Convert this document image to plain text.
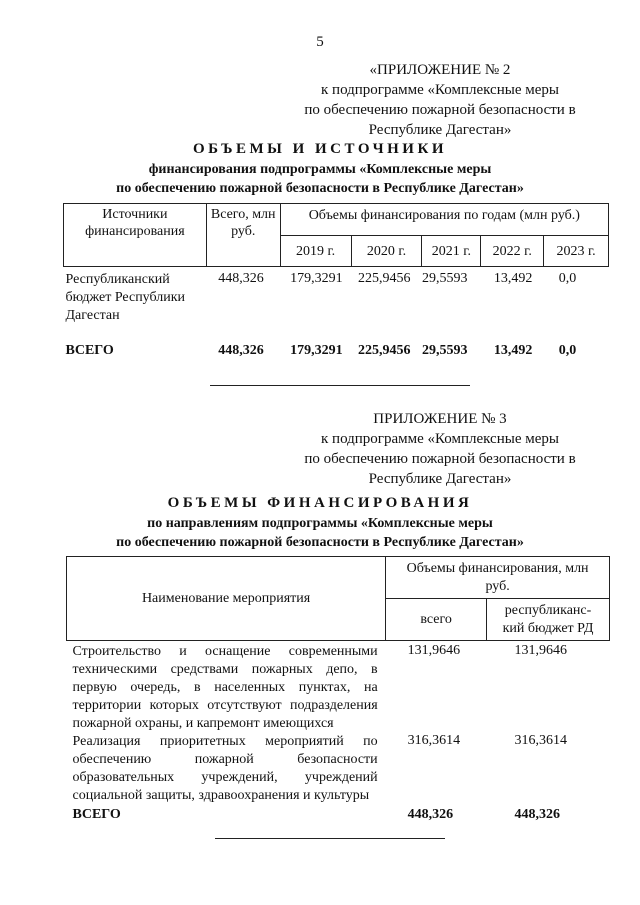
5
«ПРИЛОЖЕНИЕ № 2
к подпрограмме «Комплексные меры
по обеспечению пожарной безопасности в
Республике Дагестан»
ОБЪЕМЫ И ИСТОЧНИКИ
финансирования подпрограммы «Комплексные меры
по обеспечению пожарной безопасности в Республике Дагестан»
Источники финансирования	Всего, млн руб.	Объемы финансирования по годам (млн руб.)				
		2019 г.	2020 г.	2021 г.	2022 г.	2023 г.
Республиканский бюджет Республики Дагестан	448,326	179,3291	225,9456	29,5593	13,492	0,0
ВСЕГО	448,326	179,3291	225,9456	29,5593	13,492	0,0
ПРИЛОЖЕНИЕ № 3
к подпрограмме «Комплексные меры
по обеспечению пожарной безопасности в
Республике Дагестан»
ОБЪЕМЫ ФИНАНСИРОВАНИЯ
по направлениям подпрограммы «Комплексные меры
по обеспечению пожарной безопасности в Республике Дагестан»
Наименование мероприятия	Объемы финансирования, млн руб.	
	всего	республиканс-кий бюджет РД
Строительство и оснащение современными техническими средствами пожарных депо, в первую очередь, в населенных пунктах, на территории которых отсутствуют подразделения пожарной охраны, и капремонт имеющихся	131,9646	131,9646
Реализация приоритетных мероприятий по обеспечению пожарной безопасности образовательных учреждений, учреждений социальной защиты, здравоохранения и культуры	316,3614	316,3614
ВСЕГО	448,326	448,326
